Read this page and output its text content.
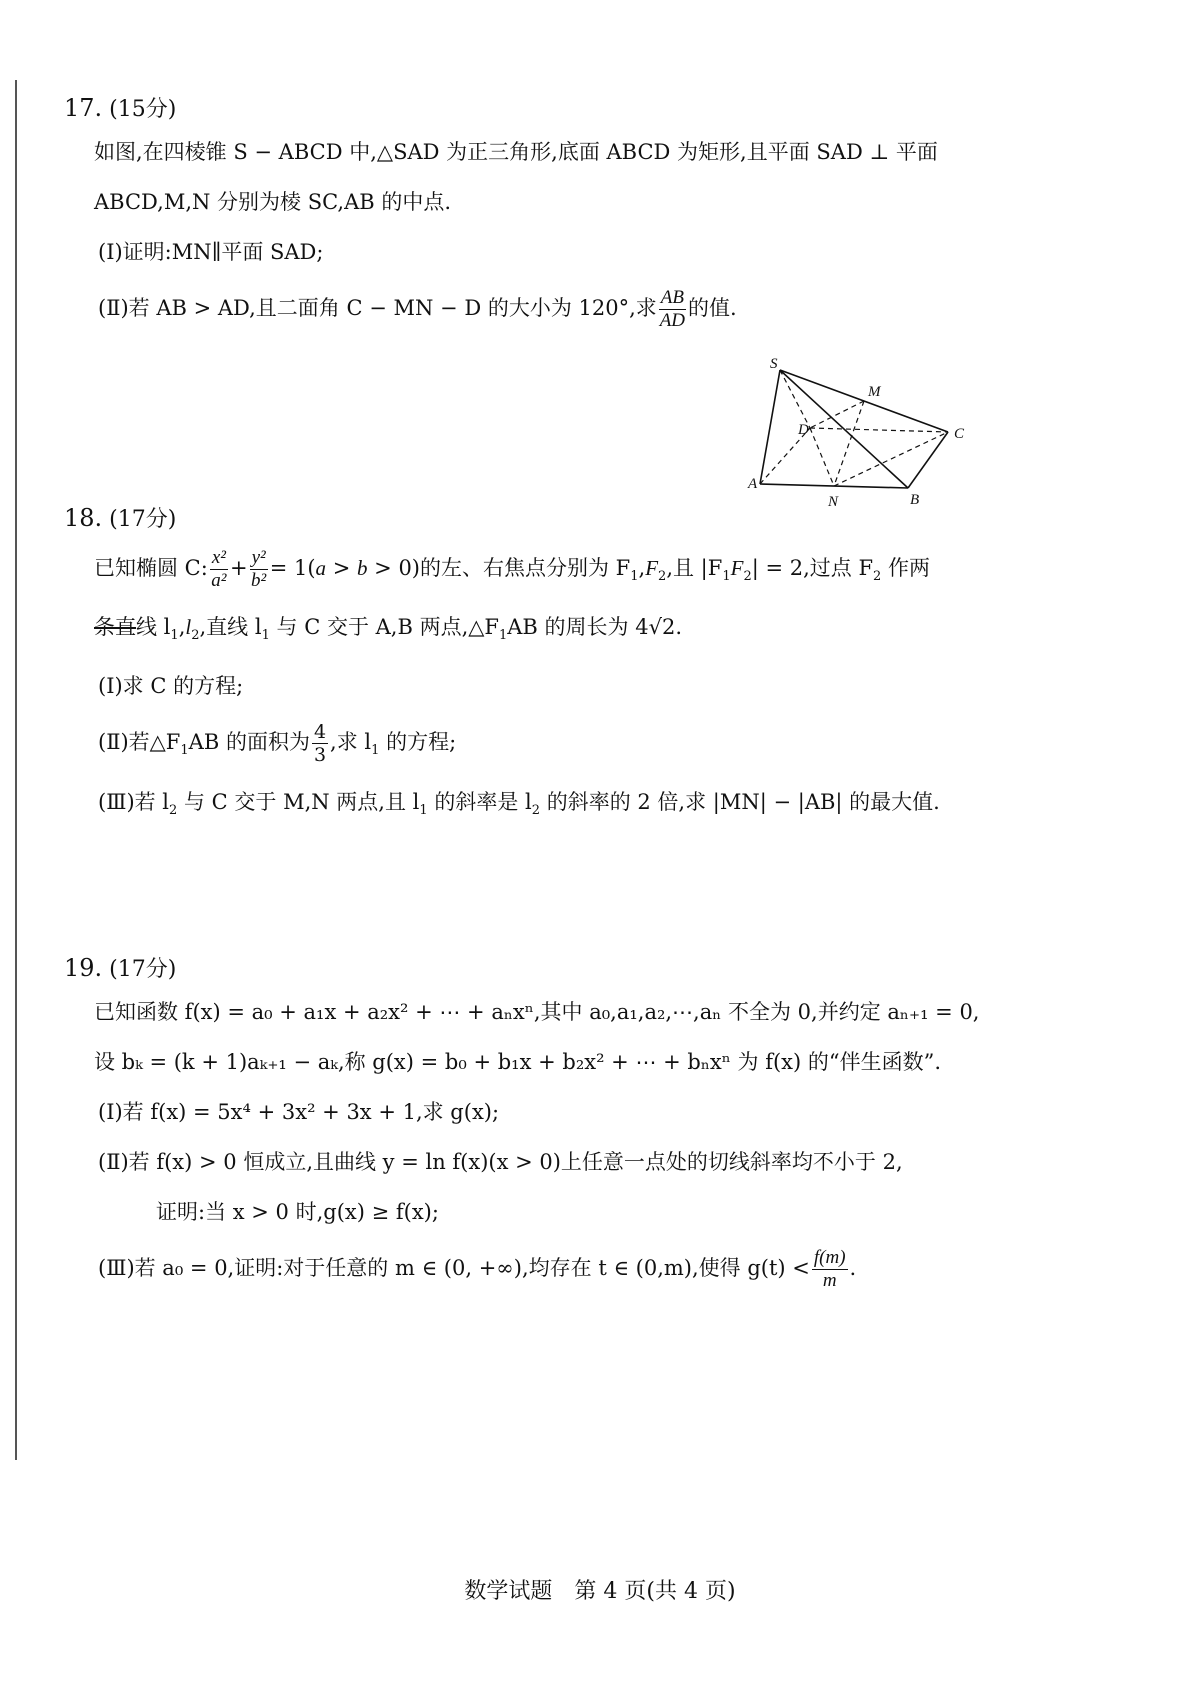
17. (15分)
如图,在四棱锥 S − ABCD 中,△SAD 为正三角形,底面 ABCD 为矩形,且平面 SAD ⊥ 平面
ABCD,M,N 分别为棱 SC,AB 的中点.
(Ⅰ)证明:MN∥平面 SAD;
(Ⅱ)若 AB > AD,且二面角 C − MN − D 的大小为 120°,求 $\frac{AB}{AD}$ 的值.
S
M
D	C
A
N	B
18. (17分)
已知椭圆 C: $\frac{\text{x²}}{\text{a²}} + \frac{\text{y²}}{\text{b²}} = 1(a > b > 0)$的左、右焦点分别为 $F_1,F_2$,且 $|F_1F_2| = 2$,过点 $F_2$ 作两
条直线 $l_1,l_2$,直线 $l_1$ 与 C 交于 A,B 两点$,\triangle F_1AB$ 的周长为 4√2.
(Ⅰ)求 C 的方程;
(Ⅱ)若$\triangle F_1AB$ 的面积为 $\frac{4}{3}$ ,求 $l_1$ 的方程;
(Ⅲ)若 $l_2$ 与 C 交于 M,N 两点,且 $l_1$ 的斜率是 $l_2$ 的斜率的 2 倍,求 |MN| − |AB| 的最大值.
19. (17分)
已知函数 f(x) = a₀ + a₁x + a₂x² + ⋯ + aₙxⁿ,其中 a₀,a₁,a₂,⋯,aₙ 不全为 0,并约定 aₙ₊₁ = 0,
设 bₖ = (k + 1)aₖ₊₁ − aₖ,称 g(x) = b₀ + b₁x + b₂x² + ⋯ + bₙxⁿ 为 f(x) 的“伴生函数”.
(Ⅰ)若 f(x) = 5x⁴ + 3x² + 3x + 1,求 g(x);
(Ⅱ)若 f(x) > 0 恒成立,且曲线 y = ln f(x)(x > 0)上任意一点处的切线斜率均不小于 2,
证明:当 x > 0 时,g(x) ≥ f(x);
(Ⅲ)若 a₀ = 0,证明:对于任意的 m ∈ (0, +∞),均存在 t ∈ (0,m),使得 $g(t) < \frac{f(m)}{m}$ .
数学试题　第 4 页(共 4 页)
